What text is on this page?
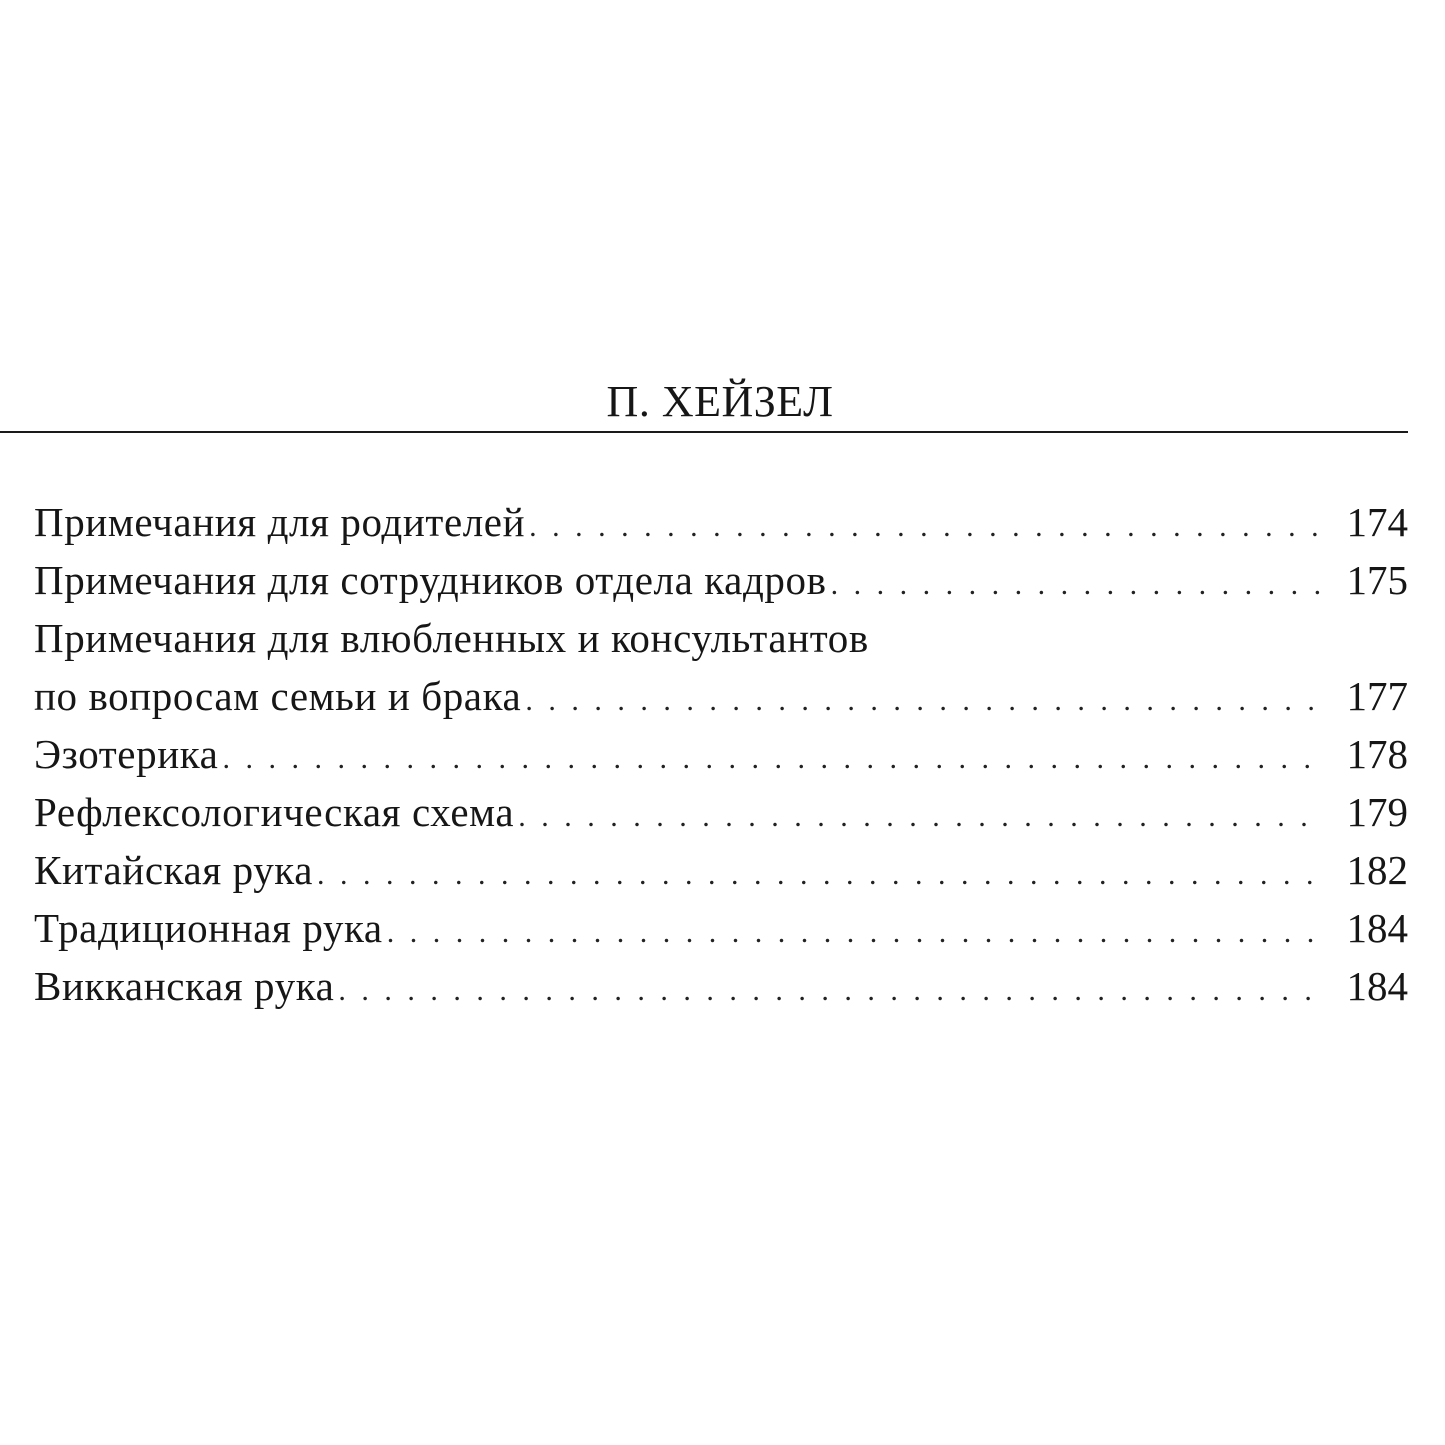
П. ХЕЙЗЕЛ
Примечания для родителей . . .	174
Примечания для сотрудников отдела кадров . . .	175
Примечания для влюбленных и консультантов
по вопросам семьи и брака . . .	177
Эзотерика . . .	178
Рефлексологическая схема . . .	179
Китайская рука . . .	182
Традиционная рука . . .	184
Викканская рука . . .	184
